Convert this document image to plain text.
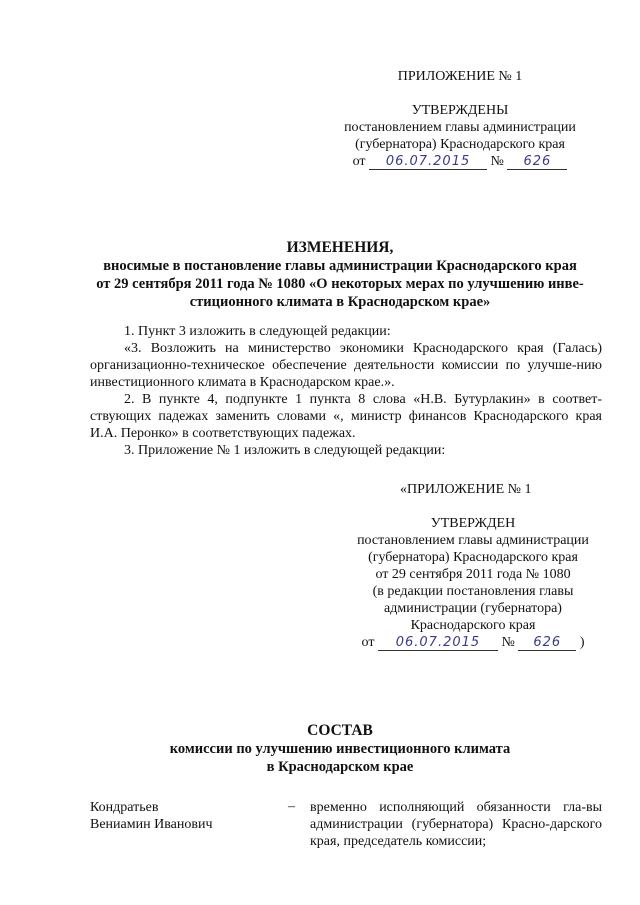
ПРИЛОЖЕНИЕ № 1
УТВЕРЖДЕНЫ
постановлением главы администрации
(губернатора) Краснодарского края
от 06.07.2015 № 626
ИЗМЕНЕНИЯ,
вносимые в постановление главы администрации Краснодарского края
от 29 сентября 2011 года № 1080 «О некоторых мерах по улучшению инве-
стиционного климата в Краснодарском крае»

1. Пункт 3 изложить в следующей редакции:

«3. Возложить на министерство экономики Краснодарского края (Галась) организационно-техническое обеспечение деятельности комиссии по улучше-нию инвестиционного климата в Краснодарском крае.».

2. В пункте 4, подпункте 1 пункта 8 слова «Н.В. Бутурлакин» в соответ-ствующих падежах заменить словами «, министр финансов Краснодарского края И.А. Перонко» в соответствующих падежах.

3. Приложение № 1 изложить в следующей редакции:

«ПРИЛОЖЕНИЕ № 1
УТВЕРЖДЕН
постановлением главы администрации
(губернатора) Краснодарского края
от 29 сентября 2011 года № 1080
(в редакции постановления главы
администрации (губернатора)
Краснодарского края
от 06.07.2015 № 626 )
СОСТАВ
комиссии по улучшению инвестиционного климата
в Краснодарском крае
Кондратьев
Вениамин Иванович
– временно исполняющий обязанности гла-вы администрации (губернатора) Красно-дарского края, председатель комиссии;
